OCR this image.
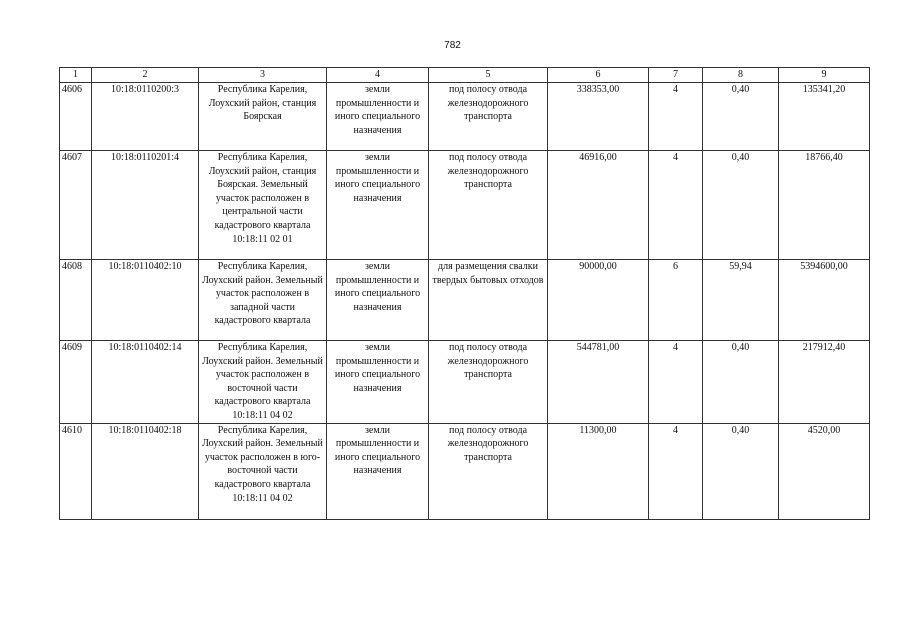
782
1	2	3	4	5	6	7	8	9
4606	10:18:0110200:3	Республика Карелия, Лоухский район, станция Боярская	земли промышленности и иного специального назначения	под полосу отвода железнодорожного транспорта	338353,00	4	0,40	135341,20
4607	10:18:0110201:4	Республика Карелия, Лоухский район, станция Боярская. Земельный участок расположен в центральной части кадастрового квартала 10:18:11 02 01	земли промышленности и иного специального назначения	под полосу отвода железнодорожного транспорта	46916,00	4	0,40	18766,40
4608	10:18:0110402:10	Республика Карелия, Лоухский район. Земельный участок расположен в западной части кадастрового квартала	земли промышленности и иного специального назначения	для размещения свалки твердых бытовых отходов	90000,00	6	59,94	5394600,00
4609	10:18:0110402:14	Республика Карелия, Лоухский район. Земельный участок расположен в восточной части кадастрового квартала 10:18:11 04 02	земли промышленности и иного специального назначения	под полосу отвода железнодорожного транспорта	544781,00	4	0,40	217912,40
4610	10:18:0110402:18	Республика Карелия, Лоухский район. Земельный участок расположен в юго-восточной части кадастрового квартала 10:18:11 04 02	земли промышленности и иного специального назначения	под полосу отвода железнодорожного транспорта	11300,00	4	0,40	4520,00
